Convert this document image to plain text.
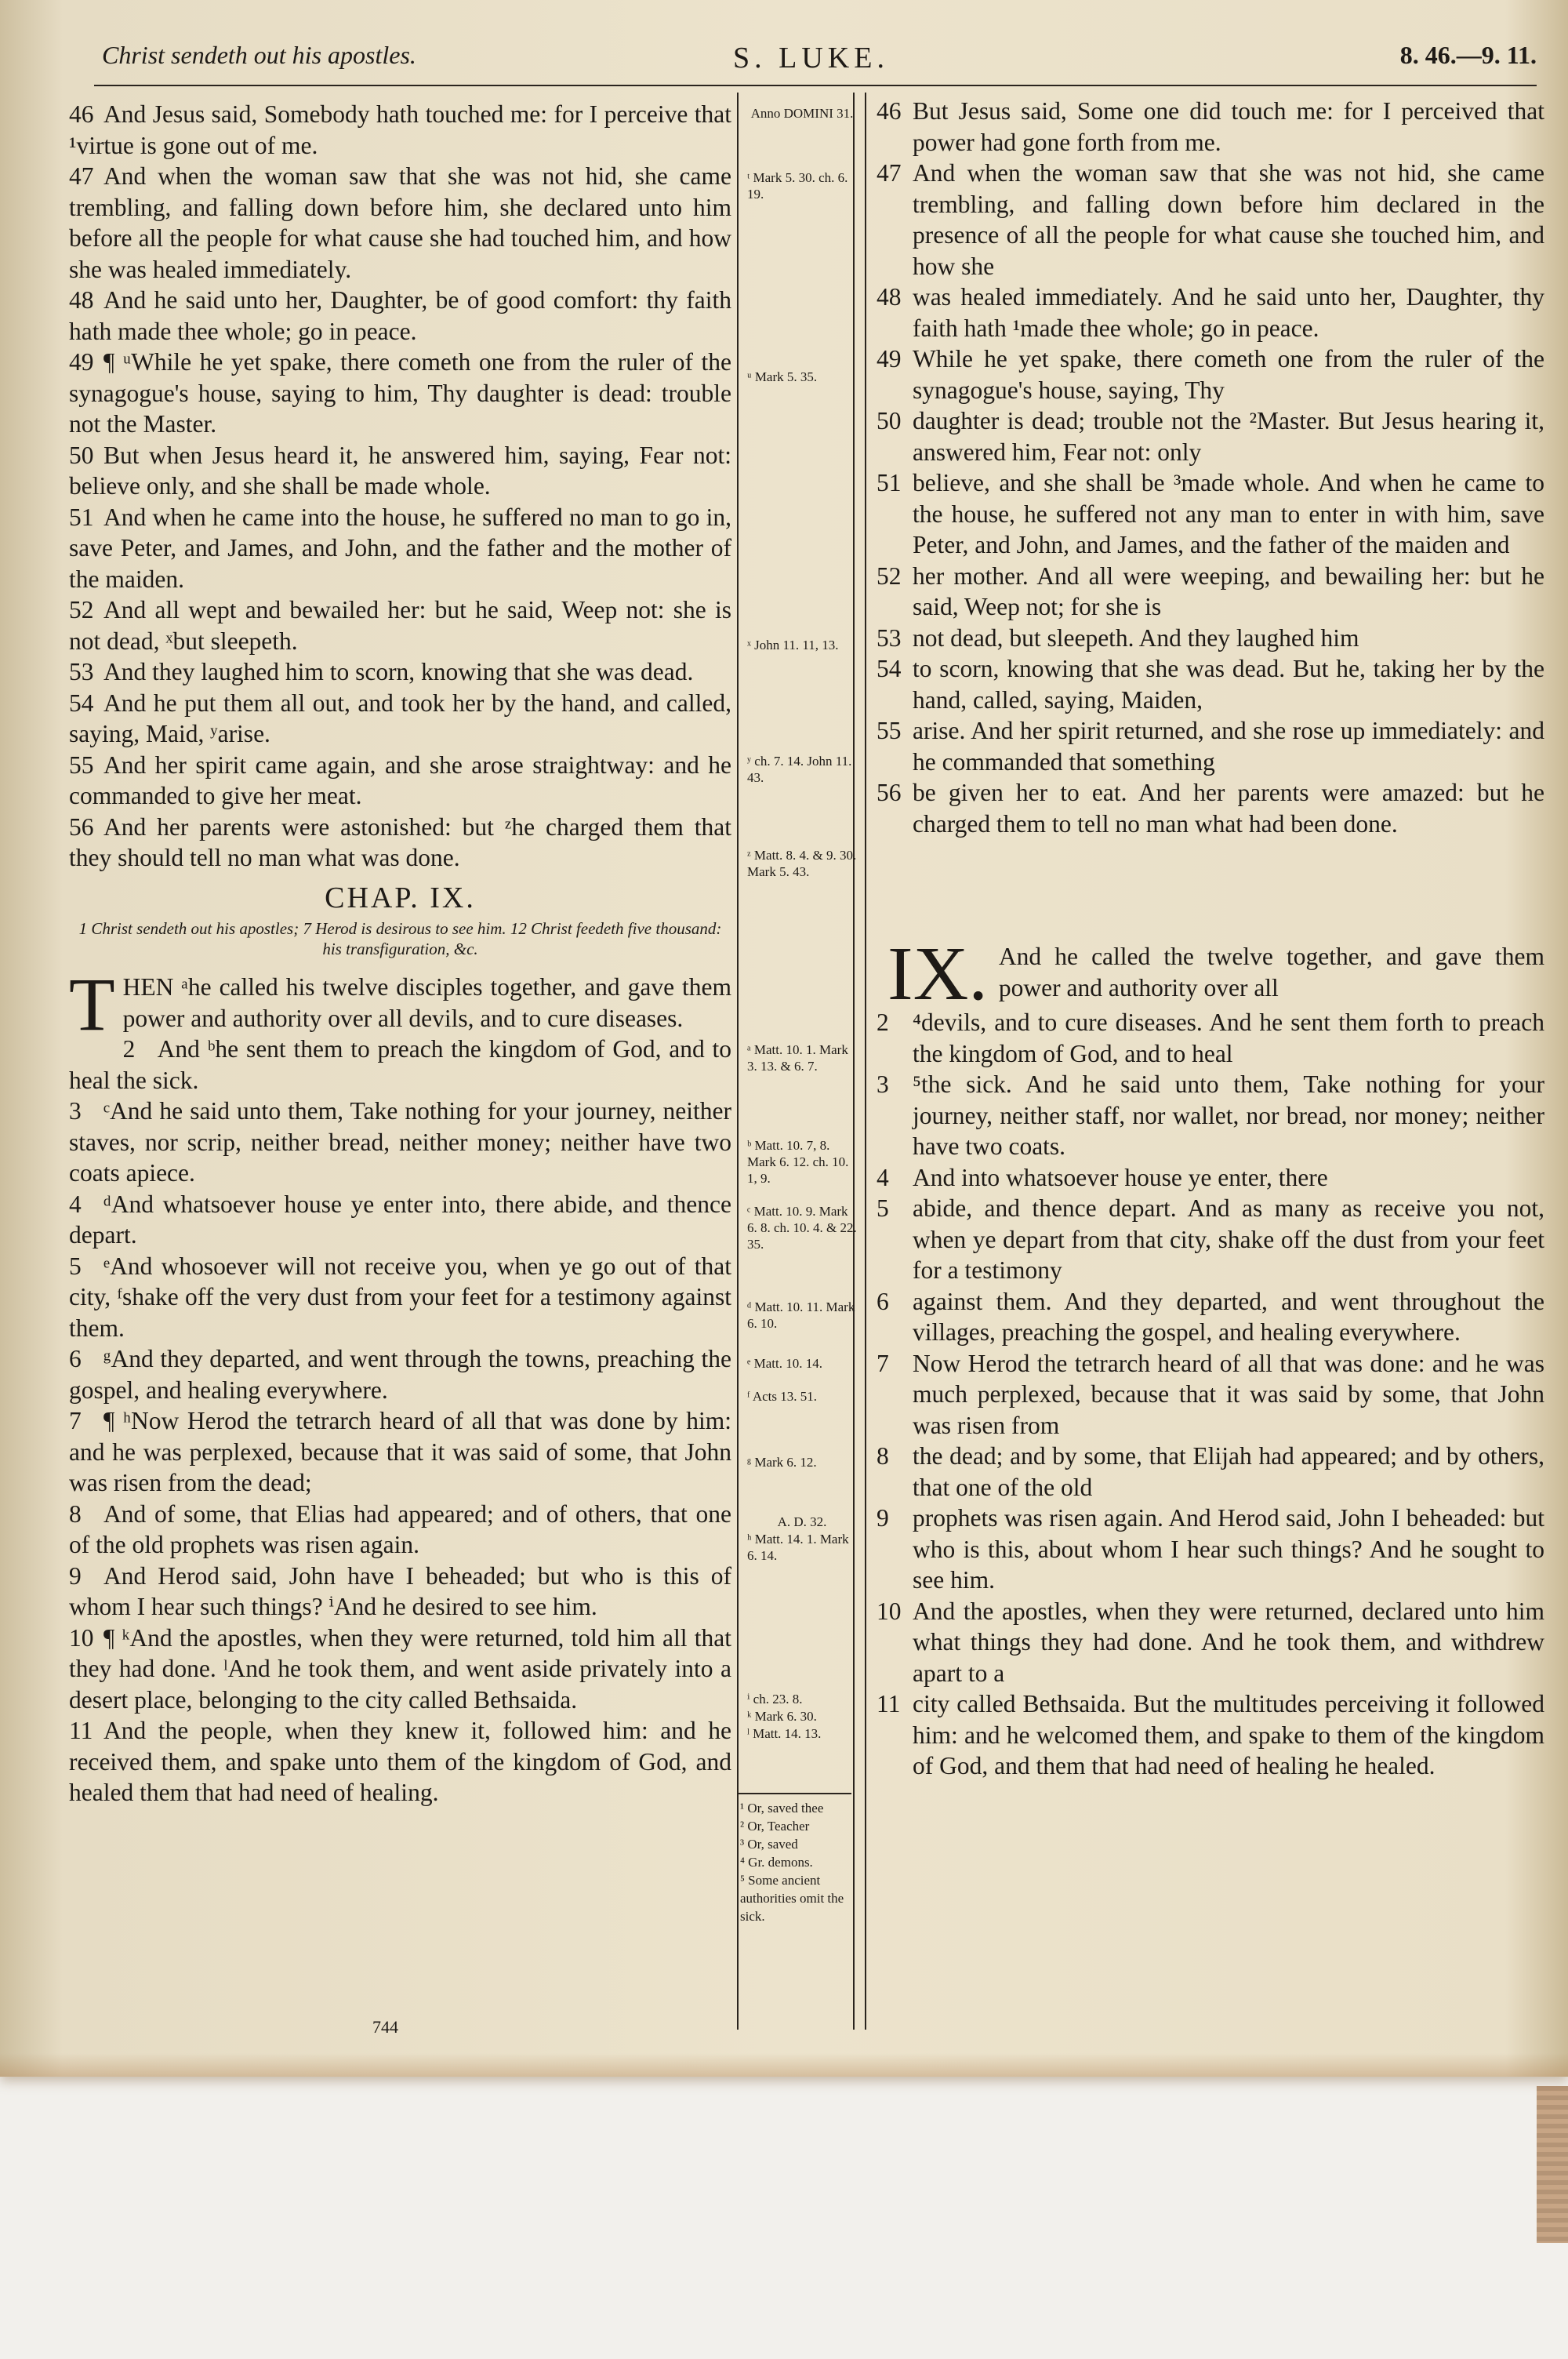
Christ sendeth out his apostles.	S. LUKE.	8. 46.—9. 11.

46 And Jesus said, Somebody hath touched me: for I perceive that ¹virtue is gone out of me.

47 And when the woman saw that she was not hid, she came trembling, and falling down before him, she declared unto him before all the people for what cause she had touched him, and how she was healed immediately.

48 And he said unto her, Daughter, be of good comfort: thy faith hath made thee whole; go in peace.

49 ¶ ᵘWhile he yet spake, there cometh one from the ruler of the synagogue's house, saying to him, Thy daughter is dead: trouble not the Master.

50 But when Jesus heard it, he answered him, saying, Fear not: believe only, and she shall be made whole.

51 And when he came into the house, he suffered no man to go in, save Peter, and James, and John, and the father and the mother of the maiden.

52 And all wept and bewailed her: but he said, Weep not: she is not dead, ˣbut sleepeth.

53 And they laughed him to scorn, knowing that she was dead.

54 And he put them all out, and took her by the hand, and called, saying, Maid, ʸarise.

55 And her spirit came again, and she arose straightway: and he commanded to give her meat.

56 And her parents were astonished: but ᶻhe charged them that they should tell no man what was done.

CHAP. IX.
1 Christ sendeth out his apostles; 7 Herod is desirous to see him. 12 Christ feedeth five thousand: his transfiguration, &c.

THEN ᵃhe called his twelve disciples together, and gave them power and authority over all devils, and to cure diseases.

2 And ᵇhe sent them to preach the kingdom of God, and to heal the sick.

3 ᶜAnd he said unto them, Take nothing for your journey, neither staves, nor scrip, neither bread, neither money; neither have two coats apiece.

4 ᵈAnd whatsoever house ye enter into, there abide, and thence depart.

5 ᵉAnd whosoever will not receive you, when ye go out of that city, ᶠshake off the very dust from your feet for a testimony against them.

6 ᵍAnd they departed, and went through the towns, preaching the gospel, and healing everywhere.

7 ¶ ʰNow Herod the tetrarch heard of all that was done by him: and he was perplexed, because that it was said of some, that John was risen from the dead;

8 And of some, that Elias had appeared; and of others, that one of the old prophets was risen again.

9 And Herod said, John have I beheaded; but who is this of whom I hear such things? ⁱAnd he desired to see him.

10 ¶ ᵏAnd the apostles, when they were returned, told him all that they had done. ˡAnd he took them, and went aside privately into a desert place, belonging to the city called Bethsaida.

11 And the people, when they knew it, followed him: and he received them, and spake unto them of the kingdom of God, and healed them that had need of healing.

Anno DOMINI 31.
ᵗ Mark 5. 30. ch. 6. 19.
ᵘ Mark 5. 35.
ˣ John 11. 11, 13.
ʸ ch. 7. 14. John 11. 43.
ᶻ Matt. 8. 4. & 9. 30. Mark 5. 43.
ᵃ Matt. 10. 1. Mark 3. 13. & 6. 7.
ᵇ Matt. 10. 7, 8. Mark 6. 12. ch. 10. 1, 9.
ᶜ Matt. 10. 9. Mark 6. 8. ch. 10. 4. & 22. 35.
ᵈ Matt. 10. 11. Mark 6. 10.
ᵉ Matt. 10. 14.
ᶠ Acts 13. 51.
ᵍ Mark 6. 12.
A. D. 32.
ʰ Matt. 14. 1. Mark 6. 14.
ⁱ ch. 23. 8.
ᵏ Mark 6. 30.
ˡ Matt. 14. 13.
¹ Or, saved thee
² Or, Teacher
³ Or, saved
⁴ Gr. demons.
⁵ Some ancient authorities omit the sick.
46 But Jesus said, Some one did touch me: for I perceived that power had gone forth from me.
47 And when the woman saw that she was not hid, she came trembling, and falling down before him declared in the presence of all the people for what cause she touched him, and how she
48 was healed immediately. And he said unto her, Daughter, thy faith hath ¹made thee whole; go in peace.
49 While he yet spake, there cometh one from the ruler of the synagogue's house, saying, Thy
50 daughter is dead; trouble not the ²Master. But Jesus hearing it, answered him, Fear not: only
51 believe, and she shall be ³made whole. And when he came to the house, he suffered not any man to enter in with him, save Peter, and John, and James, and the father of the maiden and
52 her mother. And all were weeping, and bewailing her: but he said, Weep not; for she is
53 not dead, but sleepeth. And they laughed him
54 to scorn, knowing that she was dead. But he, taking her by the hand, called, saying, Maiden,
55 arise. And her spirit returned, and she rose up immediately: and he commanded that something
56 be given her to eat. And her parents were amazed: but he charged them to tell no man what had been done.

IX. And he called the twelve together, and gave them power and authority over all

2 ⁴devils, and to cure diseases. And he sent them forth to preach the kingdom of God, and to heal
3 ⁵the sick. And he said unto them, Take nothing for your journey, neither staff, nor wallet, nor bread, nor money; neither have two coats.
4 And into whatsoever house ye enter, there
5 abide, and thence depart. And as many as receive you not, when ye depart from that city, shake off the dust from your feet for a testimony
6 against them. And they departed, and went throughout the villages, preaching the gospel, and healing everywhere.
7 Now Herod the tetrarch heard of all that was done: and he was much perplexed, because that it was said by some, that John was risen from
8 the dead; and by some, that Elijah had appeared; and by others, that one of the old
9 prophets was risen again. And Herod said, John I beheaded: but who is this, about whom I hear such things? And he sought to see him.
10 And the apostles, when they were returned, declared unto him what things they had done. And he took them, and withdrew apart to a
11 city called Bethsaida. But the multitudes perceiving it followed him: and he welcomed them, and spake to them of the kingdom of God, and them that had need of healing he healed.
744
